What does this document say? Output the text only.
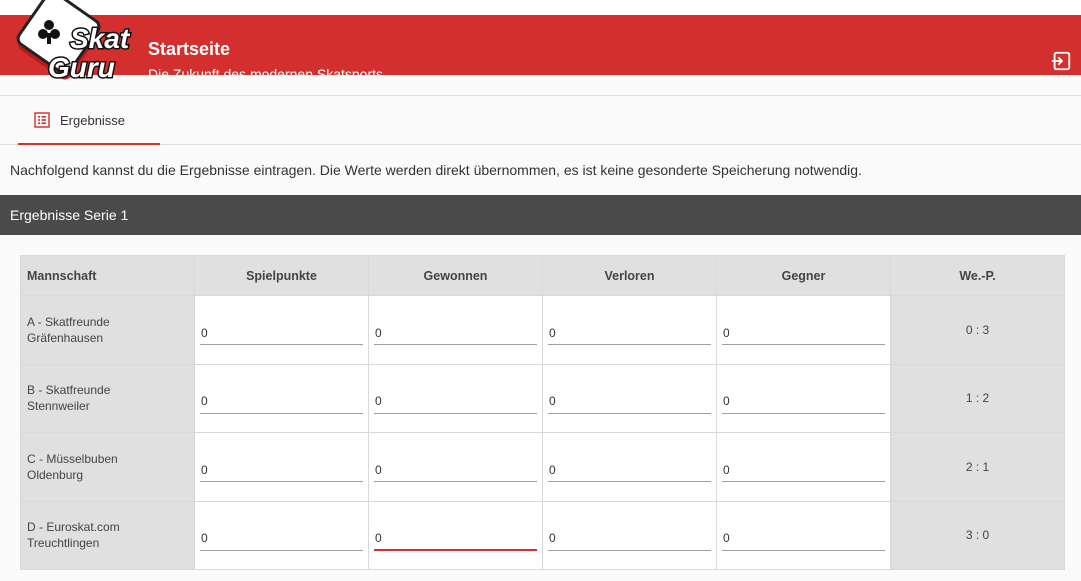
Startseite
Die Zukunft des modernen Skatsports
Skat
Guru
Ergebnisse
Nachfolgend kannst du die Ergebnisse eintragen. Die Werte werden direkt übernommen, es ist keine gesonderte Speicherung notwendig.
Ergebnisse Serie 1
Mannschaft	Spielpunkte	Gewonnen	Verloren	Gegner	We.-P.
A - Skatfreunde
Gräfenhausen	0	0	0	0	0 : 3
B - Skatfreunde
Stennweiler	0	0	0	0	1 : 2
C - Müsselbuben
Oldenburg	0	0	0	0	2 : 1
D - Euroskat.com
Treuchtlingen	0	0	0	0	3 : 0
